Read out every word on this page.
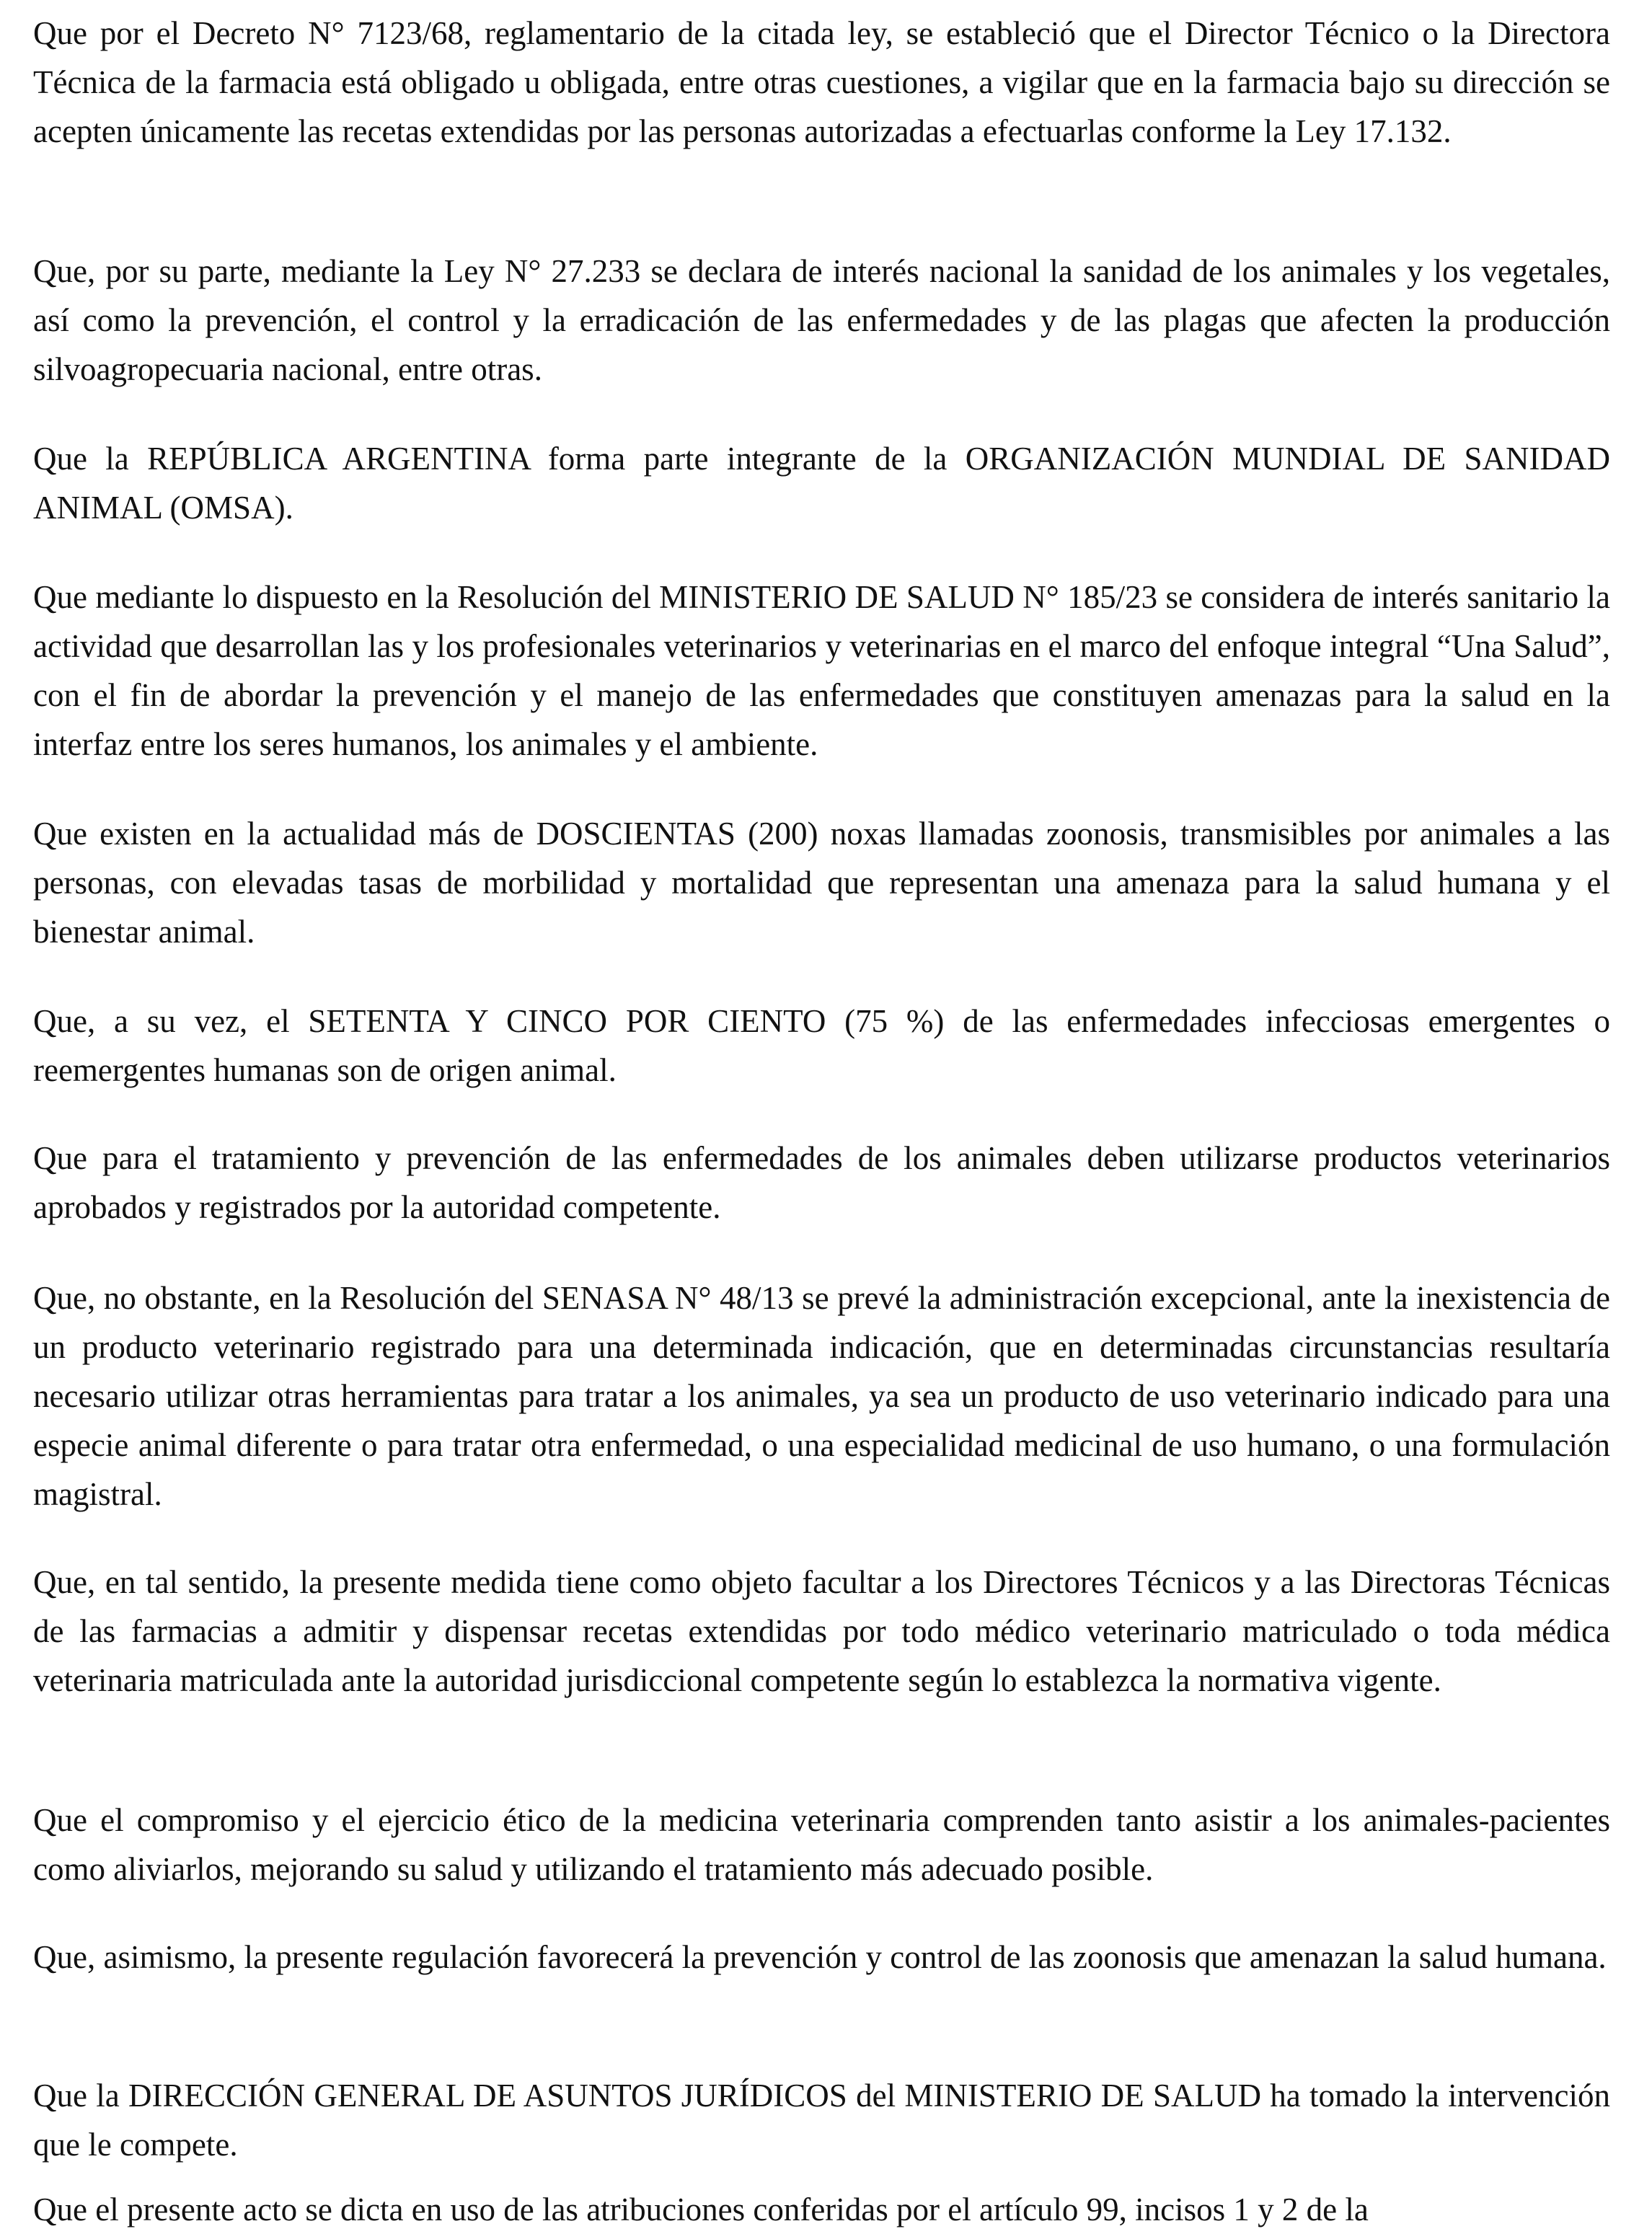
Que por el Decreto N° 7123/68, reglamentario de la citada ley, se estableció que el Director Técnico o la Directora Técnica de la farmacia está obligado u obligada, entre otras cuestiones, a vigilar que en la farmacia bajo su dirección se acepten únicamente las recetas extendidas por las personas autorizadas a efectuarlas conforme la Ley 17.132.

Que, por su parte, mediante la Ley N° 27.233 se declara de interés nacional la sanidad de los animales y los vegetales, así como la prevención, el control y la erradicación de las enfermedades y de las plagas que afecten la producción silvoagropecuaria nacional, entre otras.

Que la REPÚBLICA ARGENTINA forma parte integrante de la ORGANIZACIÓN MUNDIAL DE SANIDAD ANIMAL (OMSA).

Que mediante lo dispuesto en la Resolución del MINISTERIO DE SALUD N° 185/23 se considera de interés sanitario la actividad que desarrollan las y los profesionales veterinarios y veterinarias en el marco del enfoque integral “Una Salud”, con el fin de abordar la prevención y el manejo de las enfermedades que constituyen amenazas para la salud en la interfaz entre los seres humanos, los animales y el ambiente.

Que existen en la actualidad más de DOSCIENTAS (200) noxas llamadas zoonosis, transmisibles por animales a las personas, con elevadas tasas de morbilidad y mortalidad que representan una amenaza para la salud humana y el bienestar animal.

Que, a su vez, el SETENTA Y CINCO POR CIENTO (75 %) de las enfermedades infecciosas emergentes o reemergentes humanas son de origen animal.

Que para el tratamiento y prevención de las enfermedades de los animales deben utilizarse productos veterinarios aprobados y registrados por la autoridad competente.

Que, no obstante, en la Resolución del SENASA N° 48/13 se prevé la administración excepcional, ante la inexistencia de un producto veterinario registrado para una determinada indicación, que en determinadas circunstancias resultaría necesario utilizar otras herramientas para tratar a los animales, ya sea un producto de uso veterinario indicado para una especie animal diferente o para tratar otra enfermedad, o una especialidad medicinal de uso humano, o una formulación magistral.

Que, en tal sentido, la presente medida tiene como objeto facultar a los Directores Técnicos y a las Directoras Técnicas de las farmacias a admitir y dispensar recetas extendidas por todo médico veterinario matriculado o toda médica veterinaria matriculada ante la autoridad jurisdiccional competente según lo establezca la normativa vigente.

Que el compromiso y el ejercicio ético de la medicina veterinaria comprenden tanto asistir a los animales-pacientes como aliviarlos, mejorando su salud y utilizando el tratamiento más adecuado posible.

Que, asimismo, la presente regulación favorecerá la prevención y control de las zoonosis que amenazan la salud humana.

Que la DIRECCIÓN GENERAL DE ASUNTOS JURÍDICOS del MINISTERIO DE SALUD ha tomado la intervención que le compete.

Que el presente acto se dicta en uso de las atribuciones conferidas por el artículo 99, incisos 1 y 2 de la
